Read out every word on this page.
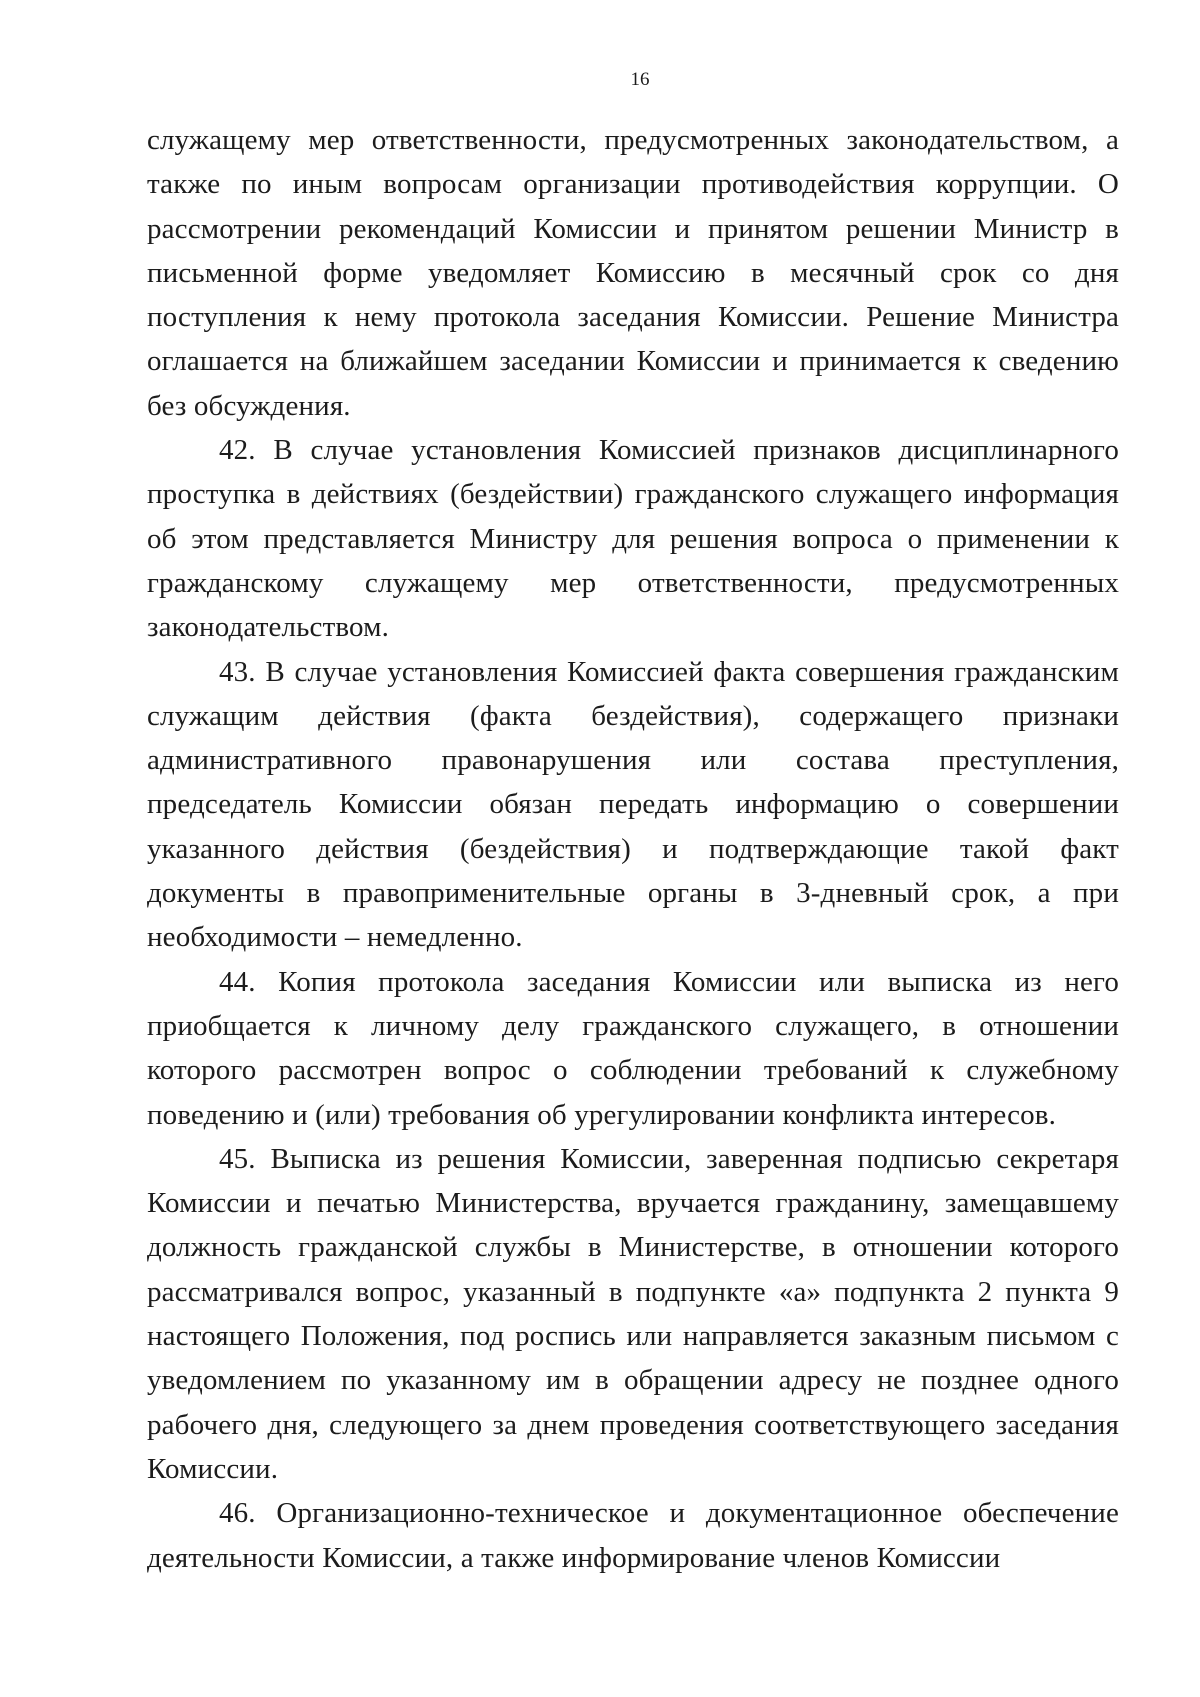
16

служащему мер ответственности, предусмотренных законодательством, а также по иным вопросам организации противодействия коррупции. О рассмотрении рекомендаций Комиссии и принятом решении Министр в письменной форме уведомляет Комиссию в месячный срок со дня поступления к нему протокола заседания Комиссии. Решение Министра оглашается на ближайшем заседании Комиссии и принимается к сведению без обсуждения.

42. В случае установления Комиссией признаков дисциплинарного проступка в действиях (бездействии) гражданского служащего информация об этом представляется Министру для решения вопроса о применении к гражданскому служащему мер ответственности, предусмотренных законодательством.

43. В случае установления Комиссией факта совершения гражданским служащим действия (факта бездействия), содержащего признаки административного правонарушения или состава преступления, председатель Комиссии обязан передать информацию о совершении указанного действия (бездействия) и подтверждающие такой факт документы в правоприменительные органы в 3-дневный срок, а при необходимости – немедленно.

44. Копия протокола заседания Комиссии или выписка из него приобщается к личному делу гражданского служащего, в отношении которого рассмотрен вопрос о соблюдении требований к служебному поведению и (или) требования об урегулировании конфликта интересов.

45. Выписка из решения Комиссии, заверенная подписью секретаря Комиссии и печатью Министерства, вручается гражданину, замещавшему должность гражданской службы в Министерстве, в отношении которого рассматривался вопрос, указанный в подпункте «а» подпункта 2 пункта 9 настоящего Положения, под роспись или направляется заказным письмом с уведомлением по указанному им в обращении адресу не позднее одного рабочего дня, следующего за днем проведения соответствующего заседания Комиссии.

46. Организационно-техническое и документационное обеспечение деятельности Комиссии, а также информирование членов Комиссии
